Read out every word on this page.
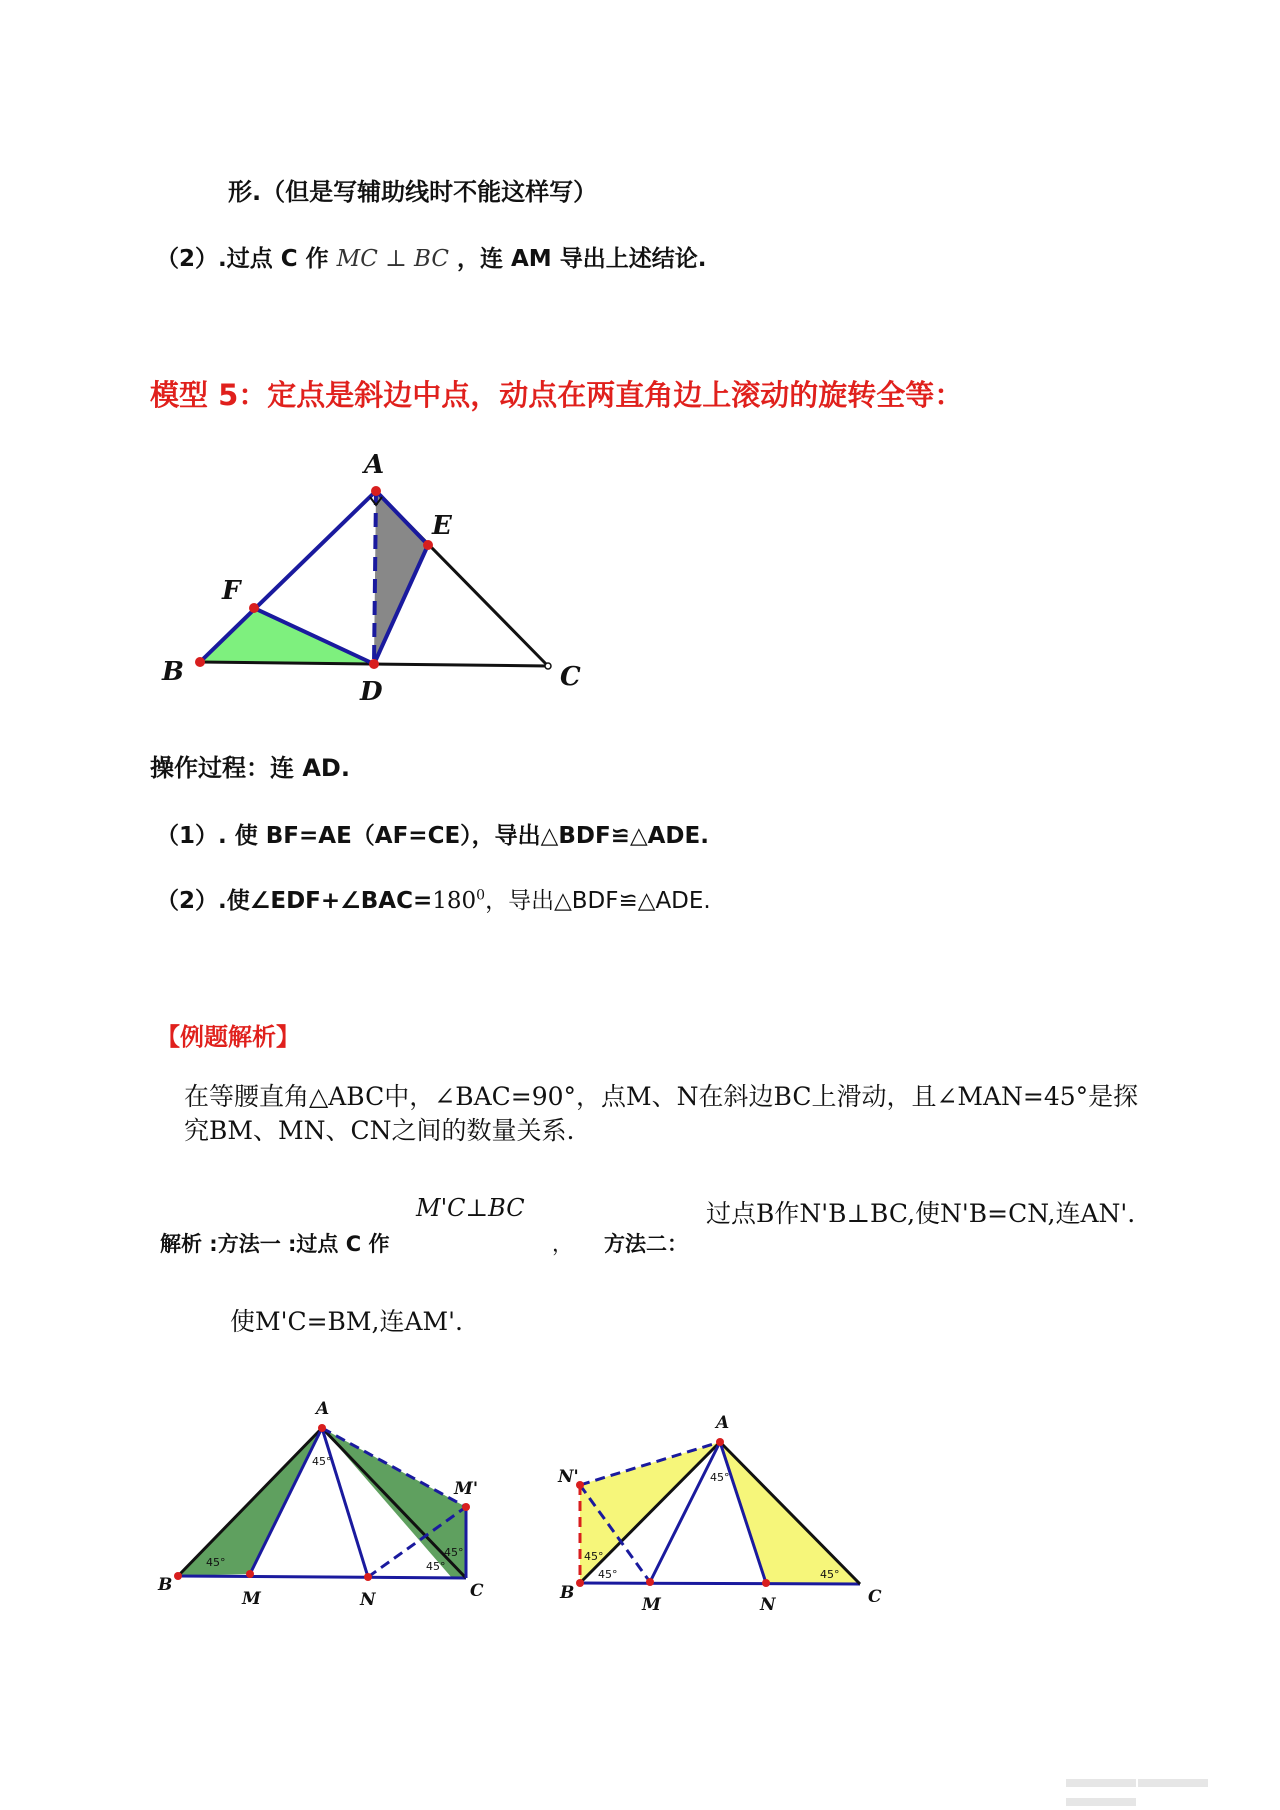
形.（但是写辅助线时不能这样写）
（2）.过点 C 作 MC ⊥ BC ，连 AM 导出上述结论.
模型 5：定点是斜边中点，动点在两直角边上滚动的旋转全等：
A
E
F
B
D	C
A
B
M	N	C
M'
45°
45°	45°
45°
A
B
M	N	C
N'	45°
45°
45°	45°
操作过程：连 AD.
（1）. 使 BF=AE（AF=CE），导出△BDF≌△ADE.
（2）.使$\angle EDF+\angle BAC=180^0$，导出△BDF≌△ADE.
【例题解析】
在等腰直角△ABC中，∠BAC=90°，点M、N在斜边BC上滑动，且∠MAN=45°是探究BM、MN、CN之间的数量关系.
解析 :方法一 :过点 C 作
M'C⊥BC
， 方法二：
过点B作N'B⊥BC,使N'B=CN,连AN'.
使M'C=BM,连AM'.
